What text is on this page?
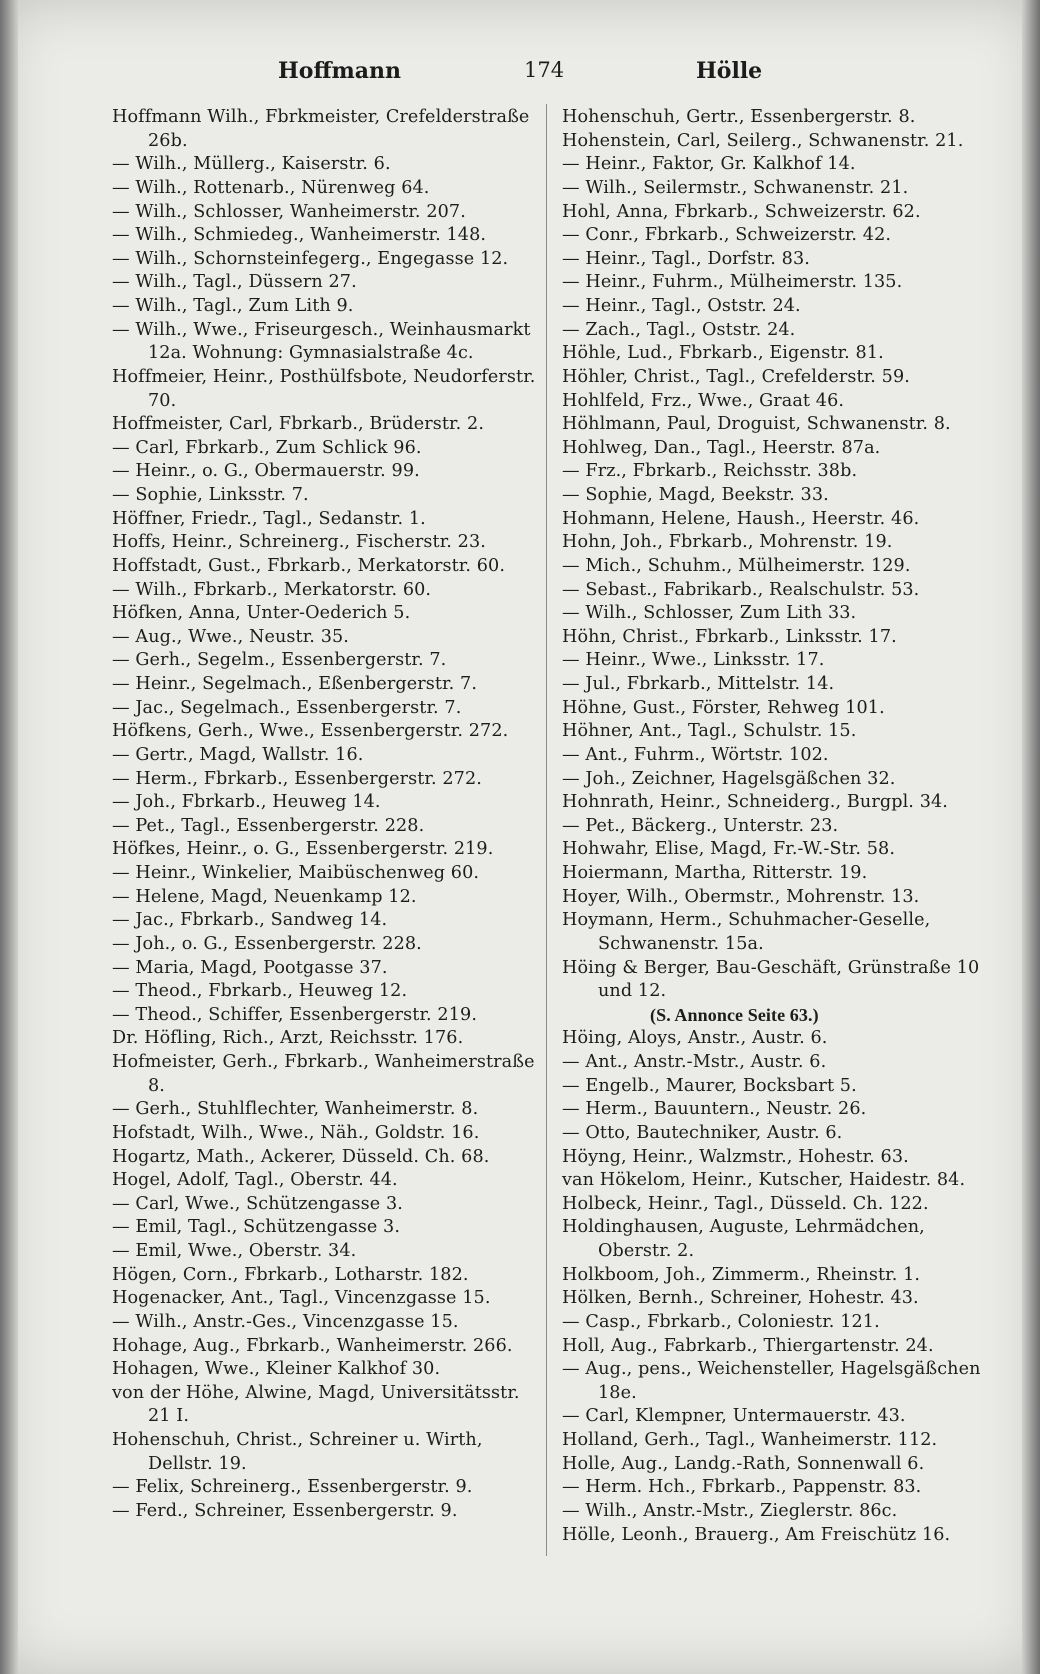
Hoffmann	174	Hölle
Hoffmann Wilh., Fbrkmeister, Crefelderstraße 26b.
— Wilh., Müllerg., Kaiserstr. 6.
— Wilh., Rottenarb., Nürenweg 64.
— Wilh., Schlosser, Wanheimerstr. 207.
— Wilh., Schmiedeg., Wanheimerstr. 148.
— Wilh., Schornsteinfegerg., Engegasse 12.
— Wilh., Tagl., Düssern 27.
— Wilh., Tagl., Zum Lith 9.
— Wilh., Wwe., Friseurgesch., Weinhausmarkt 12a. Wohnung: Gymnasialstraße 4c.
Hoffmeier, Heinr., Posthülfsbote, Neudorferstr. 70.
Hoffmeister, Carl, Fbrkarb., Brüderstr. 2.
— Carl, Fbrkarb., Zum Schlick 96.
— Heinr., o. G., Obermauerstr. 99.
— Sophie, Linksstr. 7.
Höffner, Friedr., Tagl., Sedanstr. 1.
Hoffs, Heinr., Schreinerg., Fischerstr. 23.
Hoffstadt, Gust., Fbrkarb., Merkatorstr. 60.
— Wilh., Fbrkarb., Merkatorstr. 60.
Höfken, Anna, Unter-Oederich 5.
— Aug., Wwe., Neustr. 35.
— Gerh., Segelm., Essenbergerstr. 7.
— Heinr., Segelmach., Eßenbergerstr. 7.
— Jac., Segelmach., Essenbergerstr. 7.
Höfkens, Gerh., Wwe., Essenbergerstr. 272.
— Gertr., Magd, Wallstr. 16.
— Herm., Fbrkarb., Essenbergerstr. 272.
— Joh., Fbrkarb., Heuweg 14.
— Pet., Tagl., Essenbergerstr. 228.
Höfkes, Heinr., o. G., Essenbergerstr. 219.
— Heinr., Winkelier, Maibüschenweg 60.
— Helene, Magd, Neuenkamp 12.
— Jac., Fbrkarb., Sandweg 14.
— Joh., o. G., Essenbergerstr. 228.
— Maria, Magd, Pootgasse 37.
— Theod., Fbrkarb., Heuweg 12.
— Theod., Schiffer, Essenbergerstr. 219.
Dr. Höfling, Rich., Arzt, Reichsstr. 176.
Hofmeister, Gerh., Fbrkarb., Wanheimerstraße 8.
— Gerh., Stuhlflechter, Wanheimerstr. 8.
Hofstadt, Wilh., Wwe., Näh., Goldstr. 16.
Hogartz, Math., Ackerer, Düsseld. Ch. 68.
Hogel, Adolf, Tagl., Oberstr. 44.
— Carl, Wwe., Schützengasse 3.
— Emil, Tagl., Schützengasse 3.
— Emil, Wwe., Oberstr. 34.
Högen, Corn., Fbrkarb., Lotharstr. 182.
Hogenacker, Ant., Tagl., Vincenzgasse 15.
— Wilh., Anstr.-Ges., Vincenzgasse 15.
Hohage, Aug., Fbrkarb., Wanheimerstr. 266.
Hohagen, Wwe., Kleiner Kalkhof 30.
von der Höhe, Alwine, Magd, Universitätsstr. 21 I.
Hohenschuh, Christ., Schreiner u. Wirth, Dellstr. 19.
— Felix, Schreinerg., Essenbergerstr. 9.
— Ferd., Schreiner, Essenbergerstr. 9.
Hohenschuh, Gertr., Essenbergerstr. 8.
Hohenstein, Carl, Seilerg., Schwanenstr. 21.
— Heinr., Faktor, Gr. Kalkhof 14.
— Wilh., Seilermstr., Schwanenstr. 21.
Hohl, Anna, Fbrkarb., Schweizerstr. 62.
— Conr., Fbrkarb., Schweizerstr. 42.
— Heinr., Tagl., Dorfstr. 83.
— Heinr., Fuhrm., Mülheimerstr. 135.
— Heinr., Tagl., Oststr. 24.
— Zach., Tagl., Oststr. 24.
Höhle, Lud., Fbrkarb., Eigenstr. 81.
Höhler, Christ., Tagl., Crefelderstr. 59.
Hohlfeld, Frz., Wwe., Graat 46.
Höhlmann, Paul, Droguist, Schwanenstr. 8.
Hohlweg, Dan., Tagl., Heerstr. 87a.
— Frz., Fbrkarb., Reichsstr. 38b.
— Sophie, Magd, Beekstr. 33.
Hohmann, Helene, Haush., Heerstr. 46.
Hohn, Joh., Fbrkarb., Mohrenstr. 19.
— Mich., Schuhm., Mülheimerstr. 129.
— Sebast., Fabrikarb., Realschulstr. 53.
— Wilh., Schlosser, Zum Lith 33.
Höhn, Christ., Fbrkarb., Linksstr. 17.
— Heinr., Wwe., Linksstr. 17.
— Jul., Fbrkarb., Mittelstr. 14.
Höhne, Gust., Förster, Rehweg 101.
Höhner, Ant., Tagl., Schulstr. 15.
— Ant., Fuhrm., Wörtstr. 102.
— Joh., Zeichner, Hagelsgäßchen 32.
Hohnrath, Heinr., Schneiderg., Burgpl. 34.
— Pet., Bäckerg., Unterstr. 23.
Hohwahr, Elise, Magd, Fr.-W.-Str. 58.
Hoiermann, Martha, Ritterstr. 19.
Hoyer, Wilh., Obermstr., Mohrenstr. 13.
Hoymann, Herm., Schuhmacher-Geselle, Schwanenstr. 15a.
Höing & Berger, Bau-Geschäft, Grünstraße 10 und 12.
(S. Annonce Seite 63.)
Höing, Aloys, Anstr., Austr. 6.
— Ant., Anstr.-Mstr., Austr. 6.
— Engelb., Maurer, Bocksbart 5.
— Herm., Bauuntern., Neustr. 26.
— Otto, Bautechniker, Austr. 6.
Höyng, Heinr., Walzmstr., Hohestr. 63.
van Hökelom, Heinr., Kutscher, Haidestr. 84.
Holbeck, Heinr., Tagl., Düsseld. Ch. 122.
Holdinghausen, Auguste, Lehrmädchen, Oberstr. 2.
Holkboom, Joh., Zimmerm., Rheinstr. 1.
Hölken, Bernh., Schreiner, Hohestr. 43.
— Casp., Fbrkarb., Coloniestr. 121.
Holl, Aug., Fabrkarb., Thiergartenstr. 24.
— Aug., pens., Weichensteller, Hagelsgäßchen 18e.
— Carl, Klempner, Untermauerstr. 43.
Holland, Gerh., Tagl., Wanheimerstr. 112.
Holle, Aug., Landg.-Rath, Sonnenwall 6.
— Herm. Hch., Fbrkarb., Pappenstr. 83.
— Wilh., Anstr.-Mstr., Zieglerstr. 86c.
Hölle, Leonh., Brauerg., Am Freischütz 16.
